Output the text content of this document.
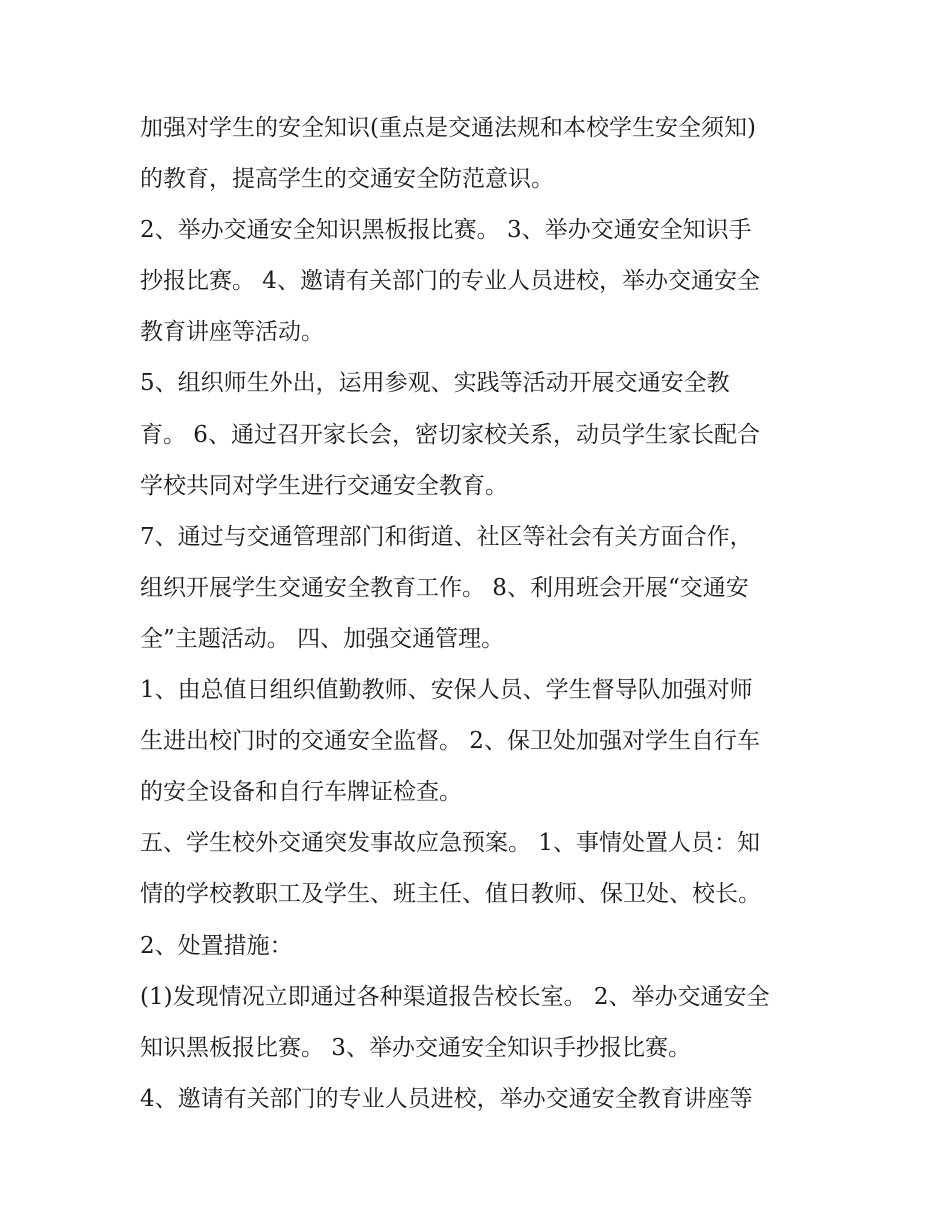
加强对学生的安全知识(重点是交通法规和本校学生安全须知)

的教育，提高学生的交通安全防范意识。

2、举办交通安全知识黑板报比赛。 3、举办交通安全知识手

抄报比赛。 4、邀请有关部门的专业人员进校，举办交通安全

教育讲座等活动。

5、组织师生外出，运用参观、实践等活动开展交通安全教

育。 6、通过召开家长会，密切家校关系，动员学生家长配合

学校共同对学生进行交通安全教育。

7、通过与交通管理部门和街道、社区等社会有关方面合作，

组织开展学生交通安全教育工作。 8、利用班会开展“交通安

全”主题活动。 四、加强交通管理。

1、由总值日组织值勤教师、安保人员、学生督导队加强对师

生进出校门时的交通安全监督。 2、保卫处加强对学生自行车

的安全设备和自行车牌证检查。

五、学生校外交通突发事故应急预案。 1、事情处置人员：知

情的学校教职工及学生、班主任、值日教师、保卫处、校长。

2、处置措施：

(1)发现情况立即通过各种渠道报告校长室。 2、举办交通安全

知识黑板报比赛。 3、举办交通安全知识手抄报比赛。

4、邀请有关部门的专业人员进校，举办交通安全教育讲座等
